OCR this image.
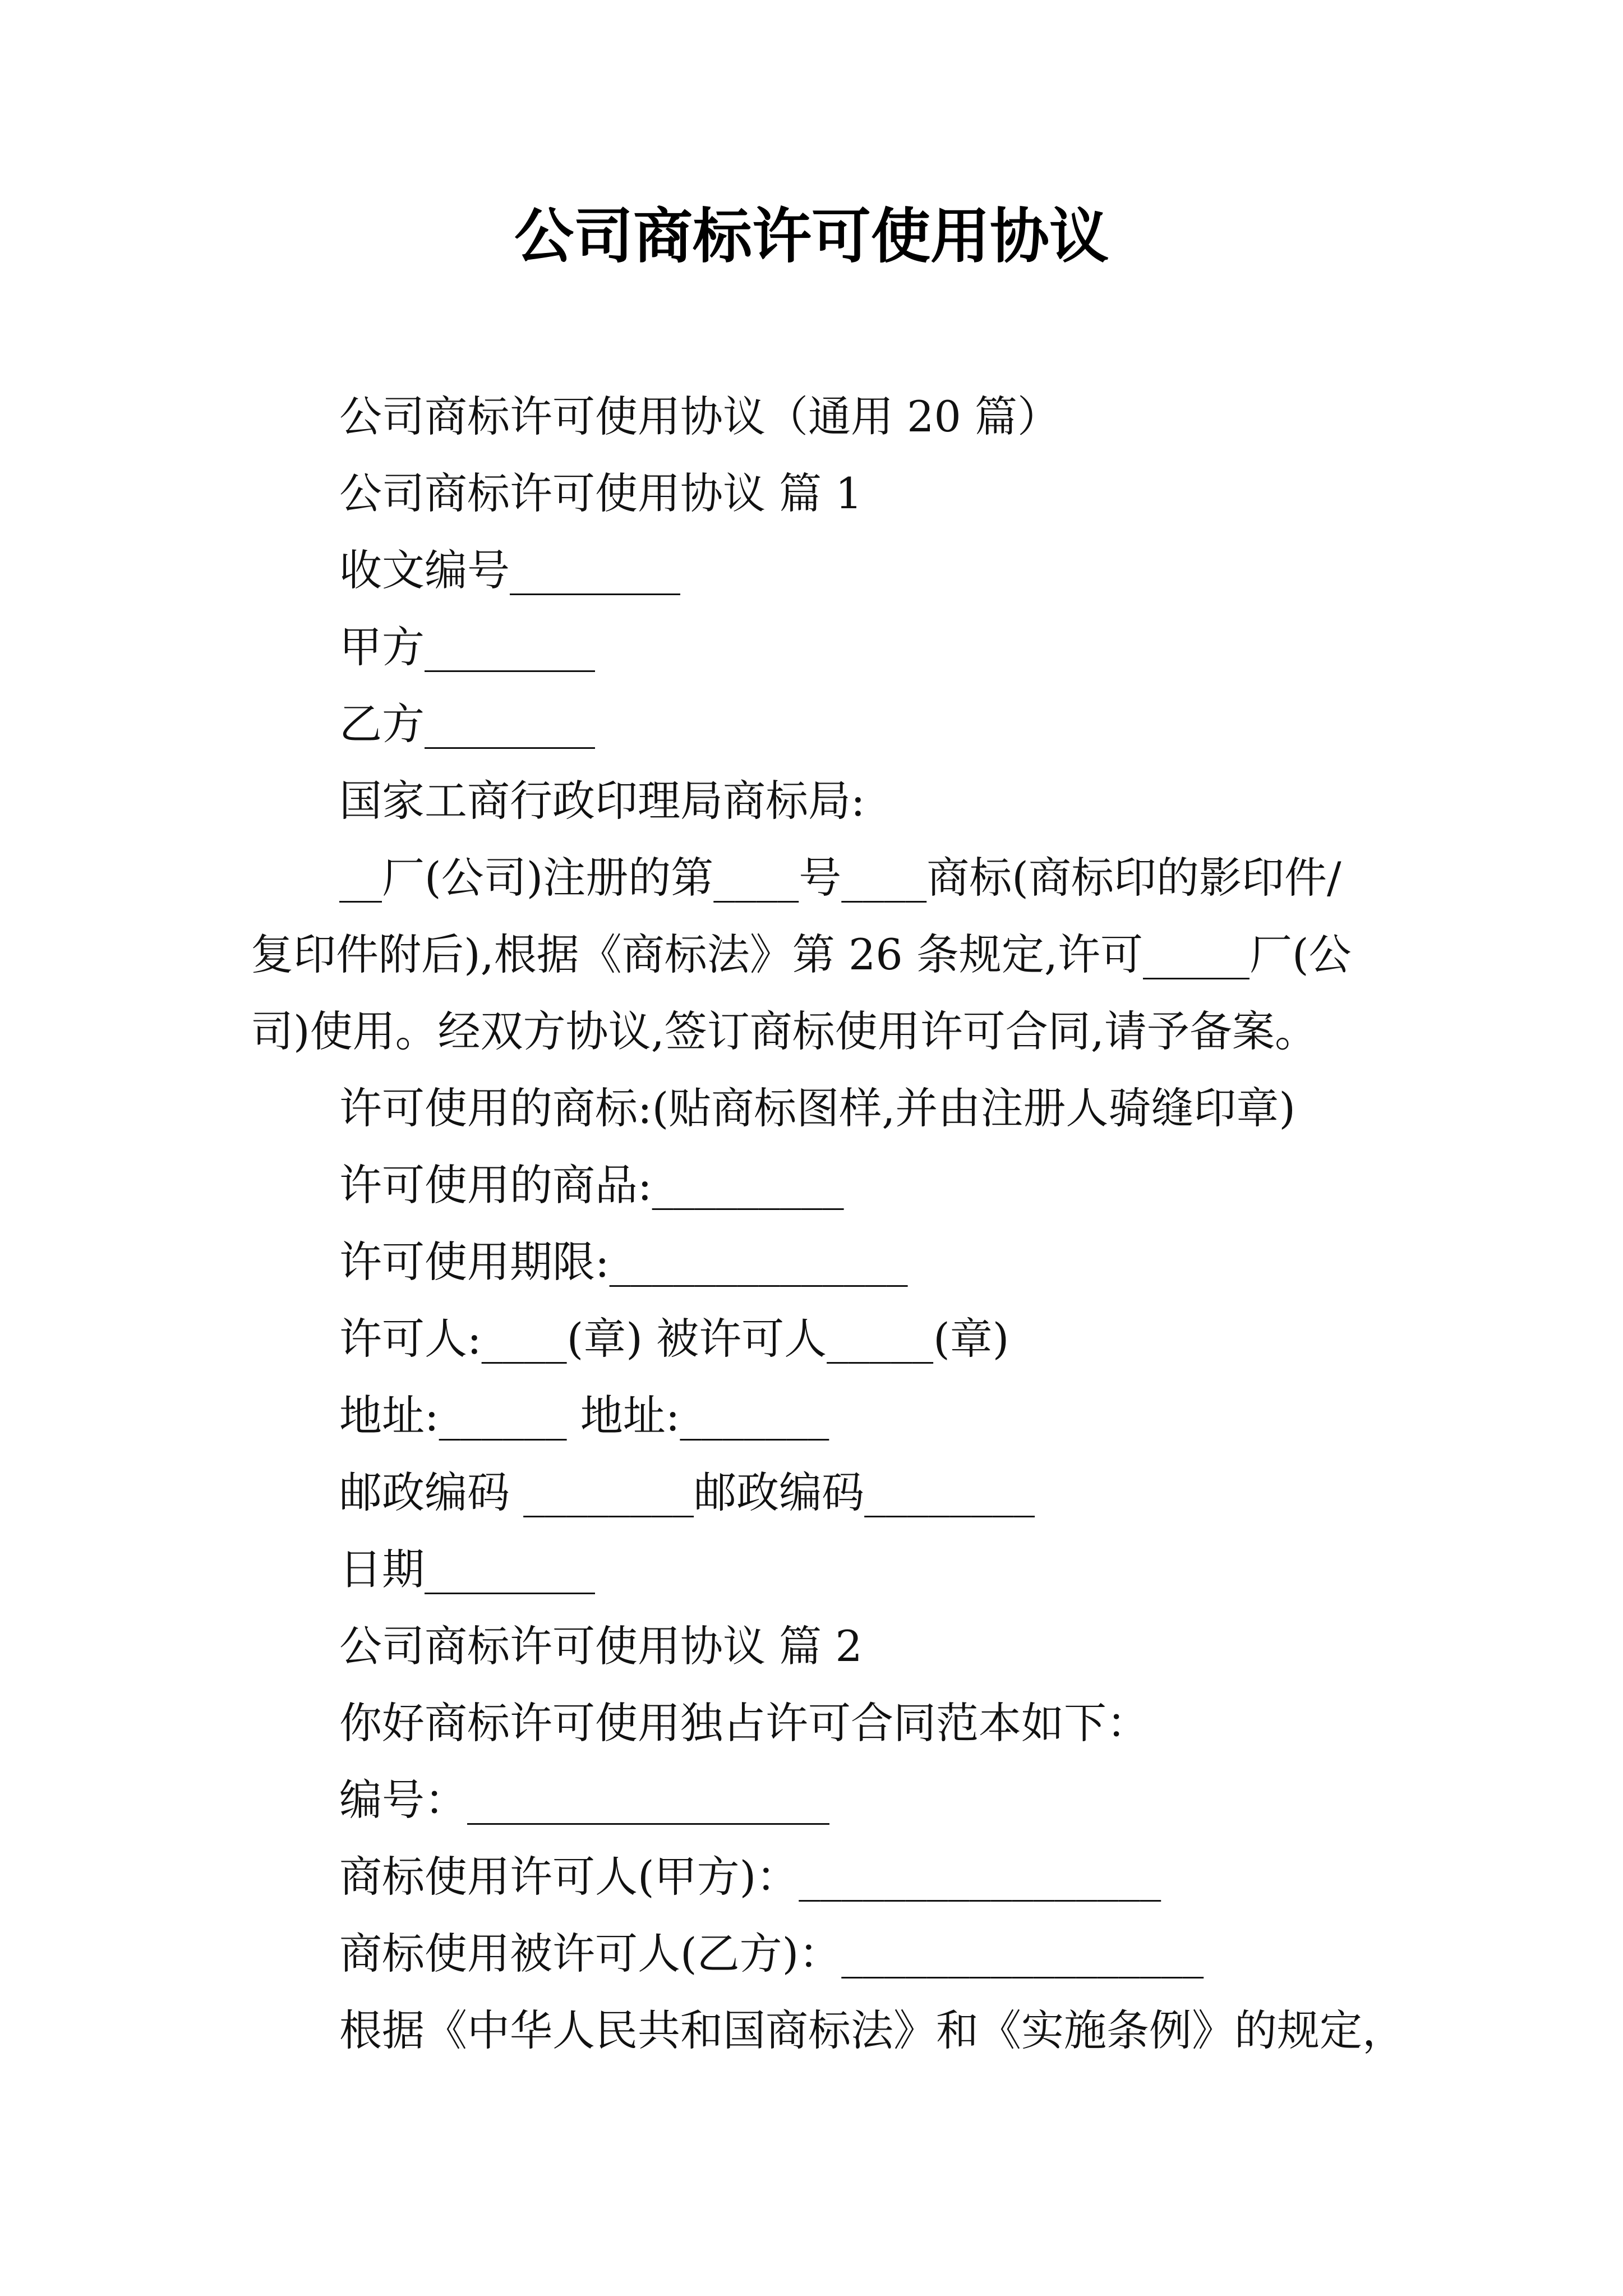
公司商标许可使用协议
公司商标许可使用协议（通用 20 篇）
公司商标许可使用协议 篇 1
收文编号________
甲方________
乙方________
国家工商行政印理局商标局:
__厂(公司)注册的第____号____商标(商标印的影印件/
复印件附后),根据《商标法》第 26 条规定,许可_____厂(公
司)使用。经双方协议,签订商标使用许可合同,请予备案。
许可使用的商标:(贴商标图样,并由注册人骑缝印章)
许可使用的商品:_________
许可使用期限:______________
许可人:____(章) 被许可人_____(章)
地址:______ 地址:_______
邮政编码 ________邮政编码________
日期________
公司商标许可使用协议 篇 2
你好商标许可使用独占许可合同范本如下：
编号：_________________
商标使用许可人(甲方)：_________________
商标使用被许可人(乙方)：_________________
根据《中华人民共和国商标法》和《实施条例》的规定，
